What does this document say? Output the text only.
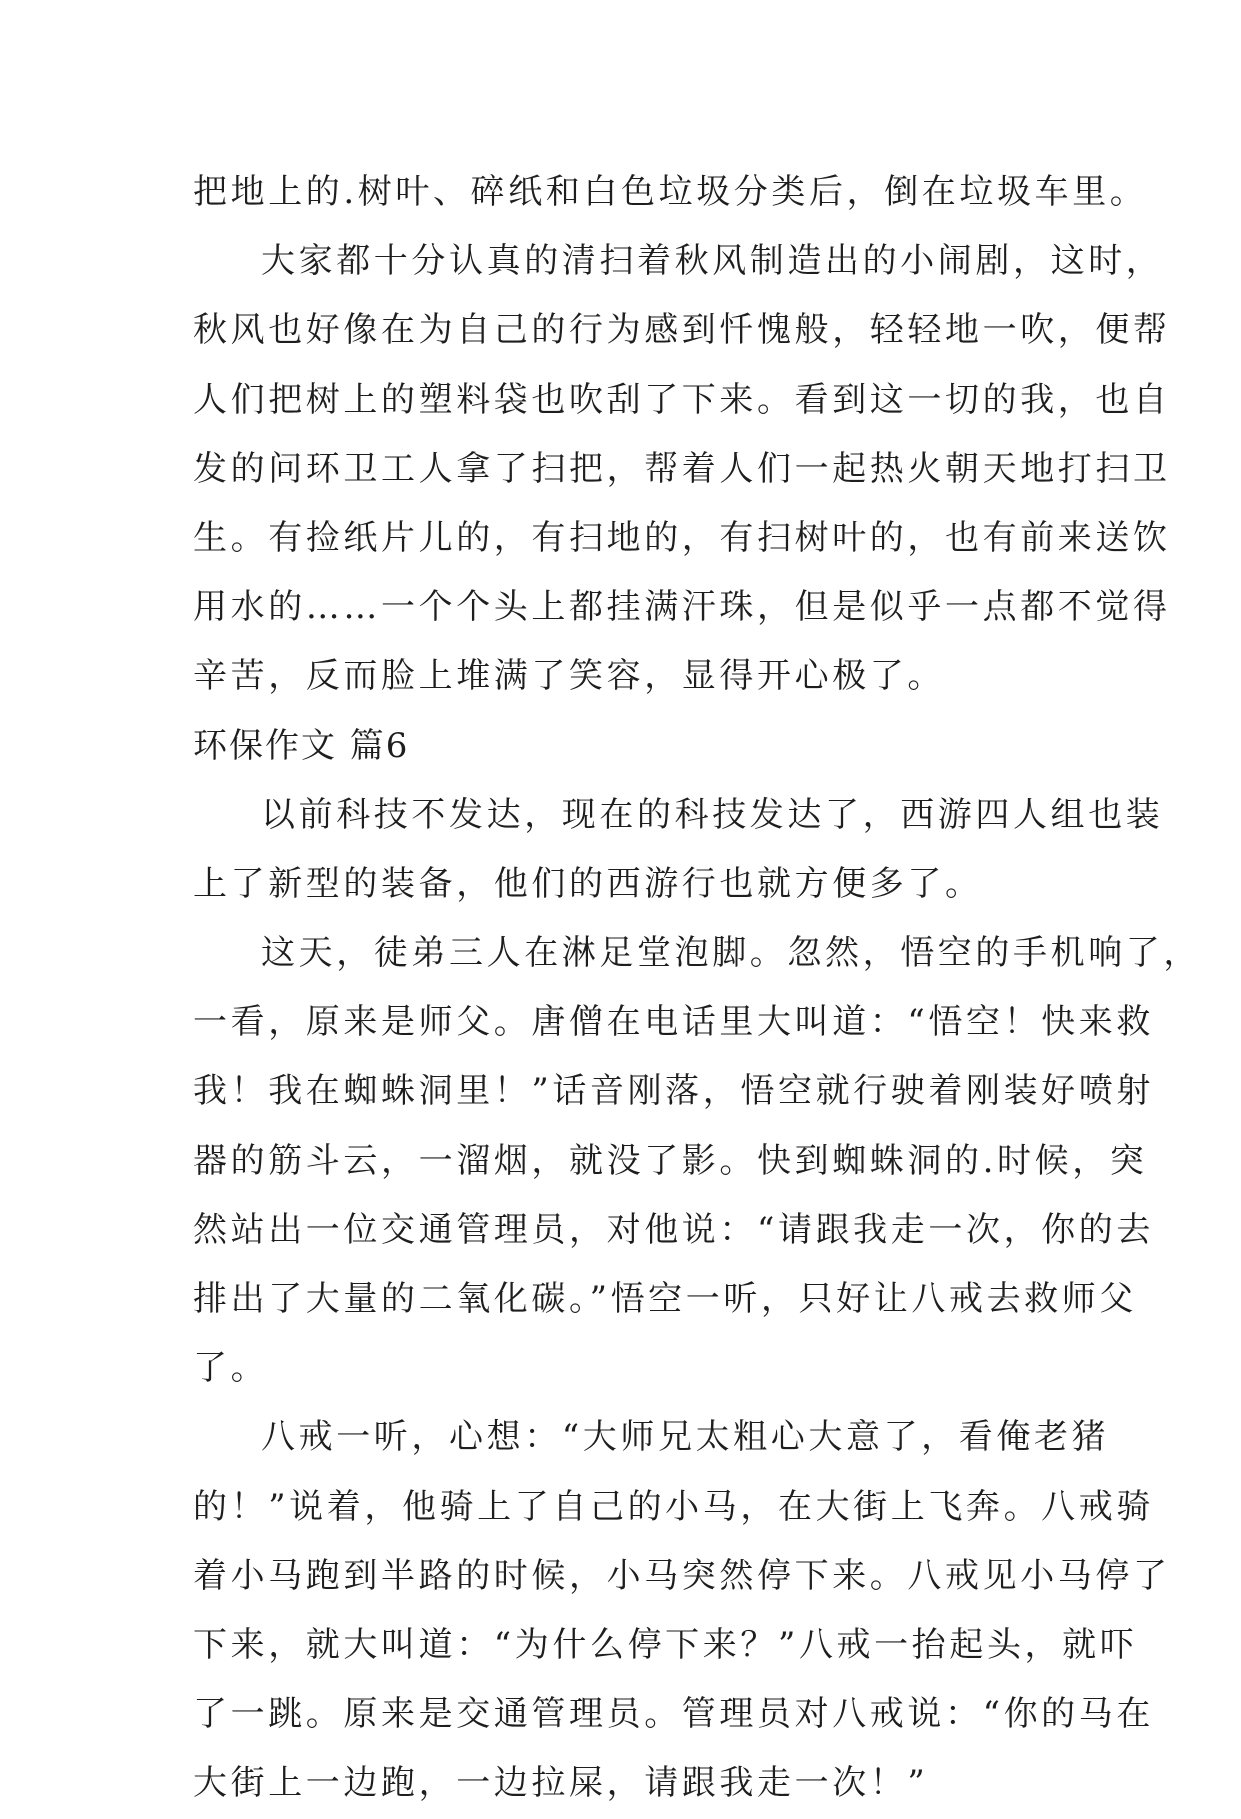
把地上的.树叶、碎纸和白色垃圾分类后，倒在垃圾车里。
大家都十分认真的清扫着秋风制造出的小闹剧，这时，
秋风也好像在为自己的行为感到忏愧般，轻轻地一吹，便帮
人们把树上的塑料袋也吹刮了下来。看到这一切的我，也自
发的问环卫工人拿了扫把，帮着人们一起热火朝天地打扫卫
生。有捡纸片儿的，有扫地的，有扫树叶的，也有前来送饮
用水的……一个个头上都挂满汗珠，但是似乎一点都不觉得
辛苦，反而脸上堆满了笑容，显得开心极了。
环保作文 篇6
以前科技不发达，现在的科技发达了，西游四人组也装
上了新型的装备，他们的西游行也就方便多了。
这天，徒弟三人在淋足堂泡脚。忽然，悟空的手机响了，
一看，原来是师父。唐僧在电话里大叫道：“悟空！快来救
我！我在蜘蛛洞里！”话音刚落，悟空就行驶着刚装好喷射
器的筋斗云，一溜烟，就没了影。快到蜘蛛洞的.时候，突
然站出一位交通管理员，对他说：“请跟我走一次，你的去
排出了大量的二氧化碳。”悟空一听，只好让八戒去救师父
了。
八戒一听，心想：“大师兄太粗心大意了，看俺老猪
的！”说着，他骑上了自己的小马，在大街上飞奔。八戒骑
着小马跑到半路的时候，小马突然停下来。八戒见小马停了
下来，就大叫道：“为什么停下来？”八戒一抬起头，就吓
了一跳。原来是交通管理员。管理员对八戒说：“你的马在
大街上一边跑，一边拉屎，请跟我走一次！”
